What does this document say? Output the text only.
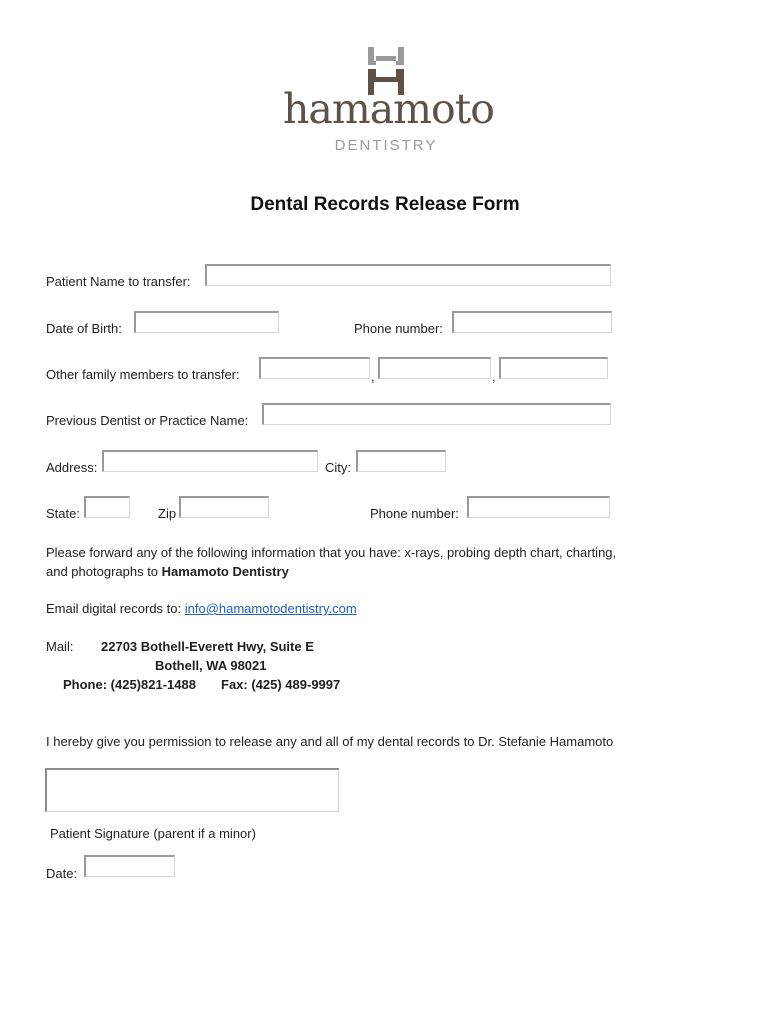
hamamoto
DENTISTRY
Dental Records Release Form
Patient Name to transfer:
Date of Birth:	Phone number:
Other family members to transfer:	,	,
Previous Dentist or Practice Name:
Address:	City:
State:	Zip	Phone number:
Please forward any of the following information that you have: x-rays, probing depth chart, charting, and photographs to Hamamoto Dentistry
Email digital records to: info@hamamotodentistry.com
Mail: 22703 Bothell-Everett Hwy, Suite E
Bothell, WA 98021
Phone: (425)821-1488 Fax: (425) 489-9997
I hereby give you permission to release any and all of my dental records to Dr. Stefanie Hamamoto
Patient Signature (parent if a minor)
Date:
